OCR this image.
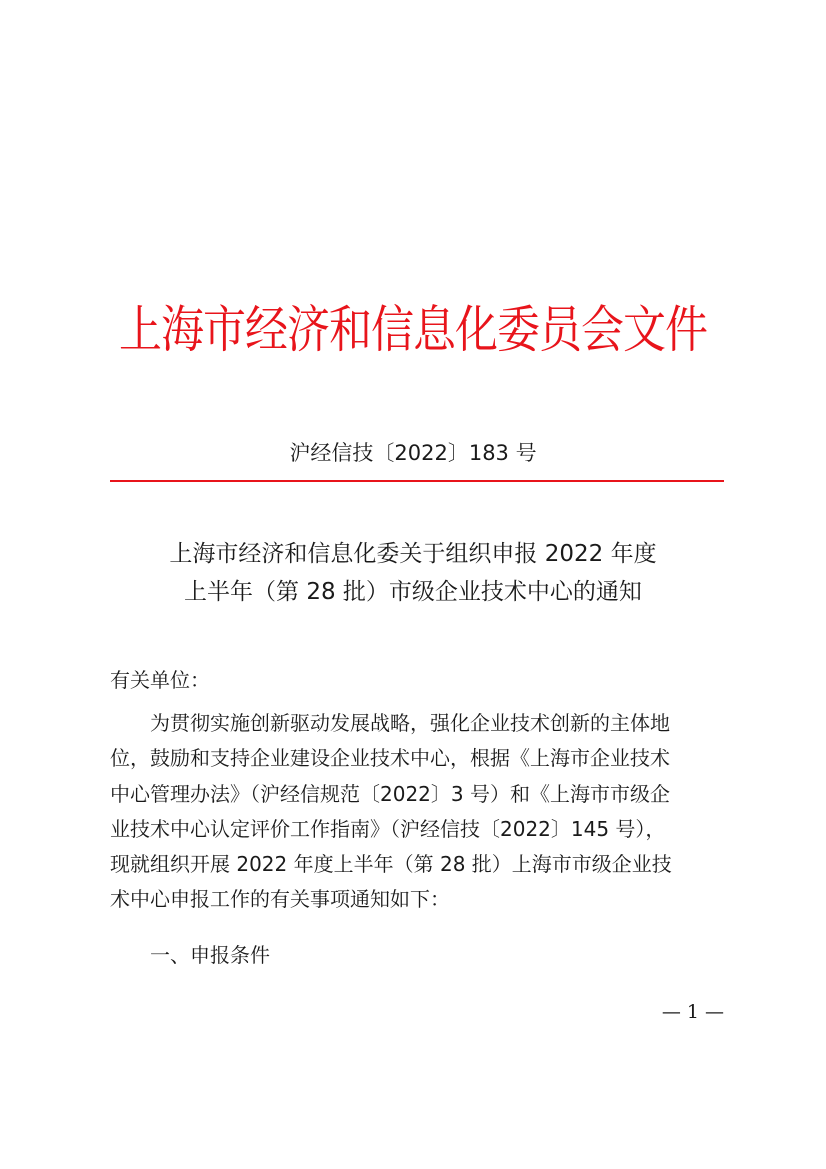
上海市经济和信息化委员会文件
沪经信技〔2022〕183 号
上海市经济和信息化委关于组织申报 2022 年度
上半年（第 28 批）市级企业技术中心的通知
有关单位：
为贯彻实施创新驱动发展战略，强化企业技术创新的主体地
位，鼓励和支持企业建设企业技术中心，根据《上海市企业技术
中心管理办法》（沪经信规范〔2022〕3 号）和《上海市市级企
业技术中心认定评价工作指南》（沪经信技〔2022〕145 号），
现就组织开展 2022 年度上半年（第 28 批）上海市市级企业技
术中心申报工作的有关事项通知如下：
一、申报条件
— 1 —
